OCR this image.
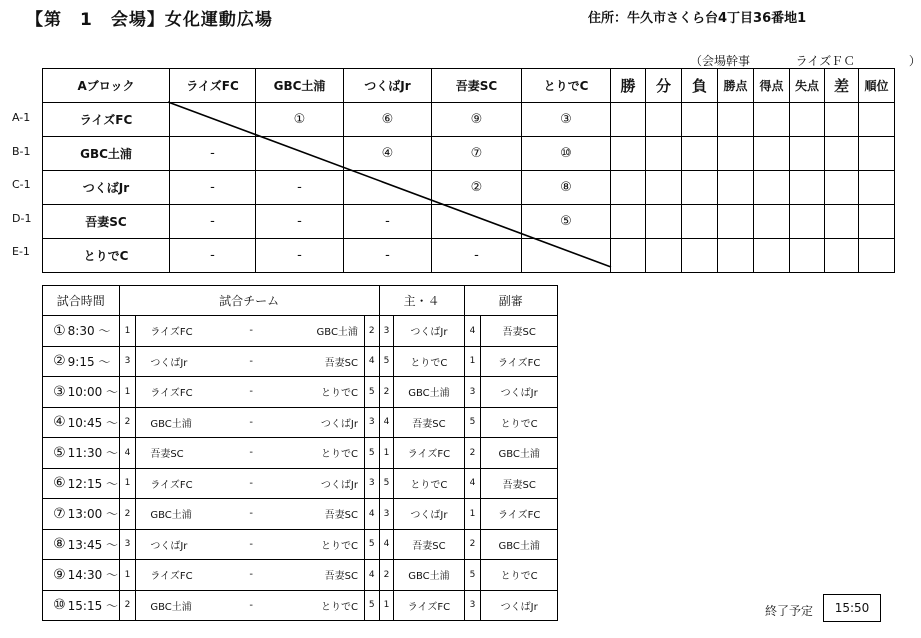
【第　1　会場】女化運動広場	住所：牛久市さくら台4丁目36番地1
（会場幹事	ライズＦＣ	）
Aブロック	ライズFC	GBC土浦	つくばJr	吾妻SC	とりでC	勝	分	負	勝点	得点	失点	差	順位
ライズFC		①	⑥	⑨	③								
GBC土浦	-		④	⑦	⑩								
つくばJr	-	-		②	⑧								
吾妻SC	-	-	-		⑤								
とりでC	-	-	-	-									
A-1
B-1
C-1
D-1
E-1
試合時間		試合チーム					主・４		副審	
①	8:30 ～	1	ライズFC	-	GBC土浦	2	3	つくばJr	4	吾妻SC
②	9:15 ～	3	つくばJr	-	吾妻SC	4	5	とりでC	1	ライズFC
③	10:00 ～	1	ライズFC	-	とりでC	5	2	GBC土浦	3	つくばJr
④	10:45 ～	2	GBC土浦	-	つくばJr	3	4	吾妻SC	5	とりでC
⑤	11:30 ～	4	吾妻SC	-	とりでC	5	1	ライズFC	2	GBC土浦
⑥	12:15 ～	1	ライズFC	-	つくばJr	3	5	とりでC	4	吾妻SC
⑦	13:00 ～	2	GBC土浦	-	吾妻SC	4	3	つくばJr	1	ライズFC
⑧	13:45 ～	3	つくばJr	-	とりでC	5	4	吾妻SC	2	GBC土浦
⑨	14:30 ～	1	ライズFC	-	吾妻SC	4	2	GBC土浦	5	とりでC
⑩	15:15 ～	2	GBC土浦	-	とりでC	5	1	ライズFC	3	つくばJr	終了予定	15:50
